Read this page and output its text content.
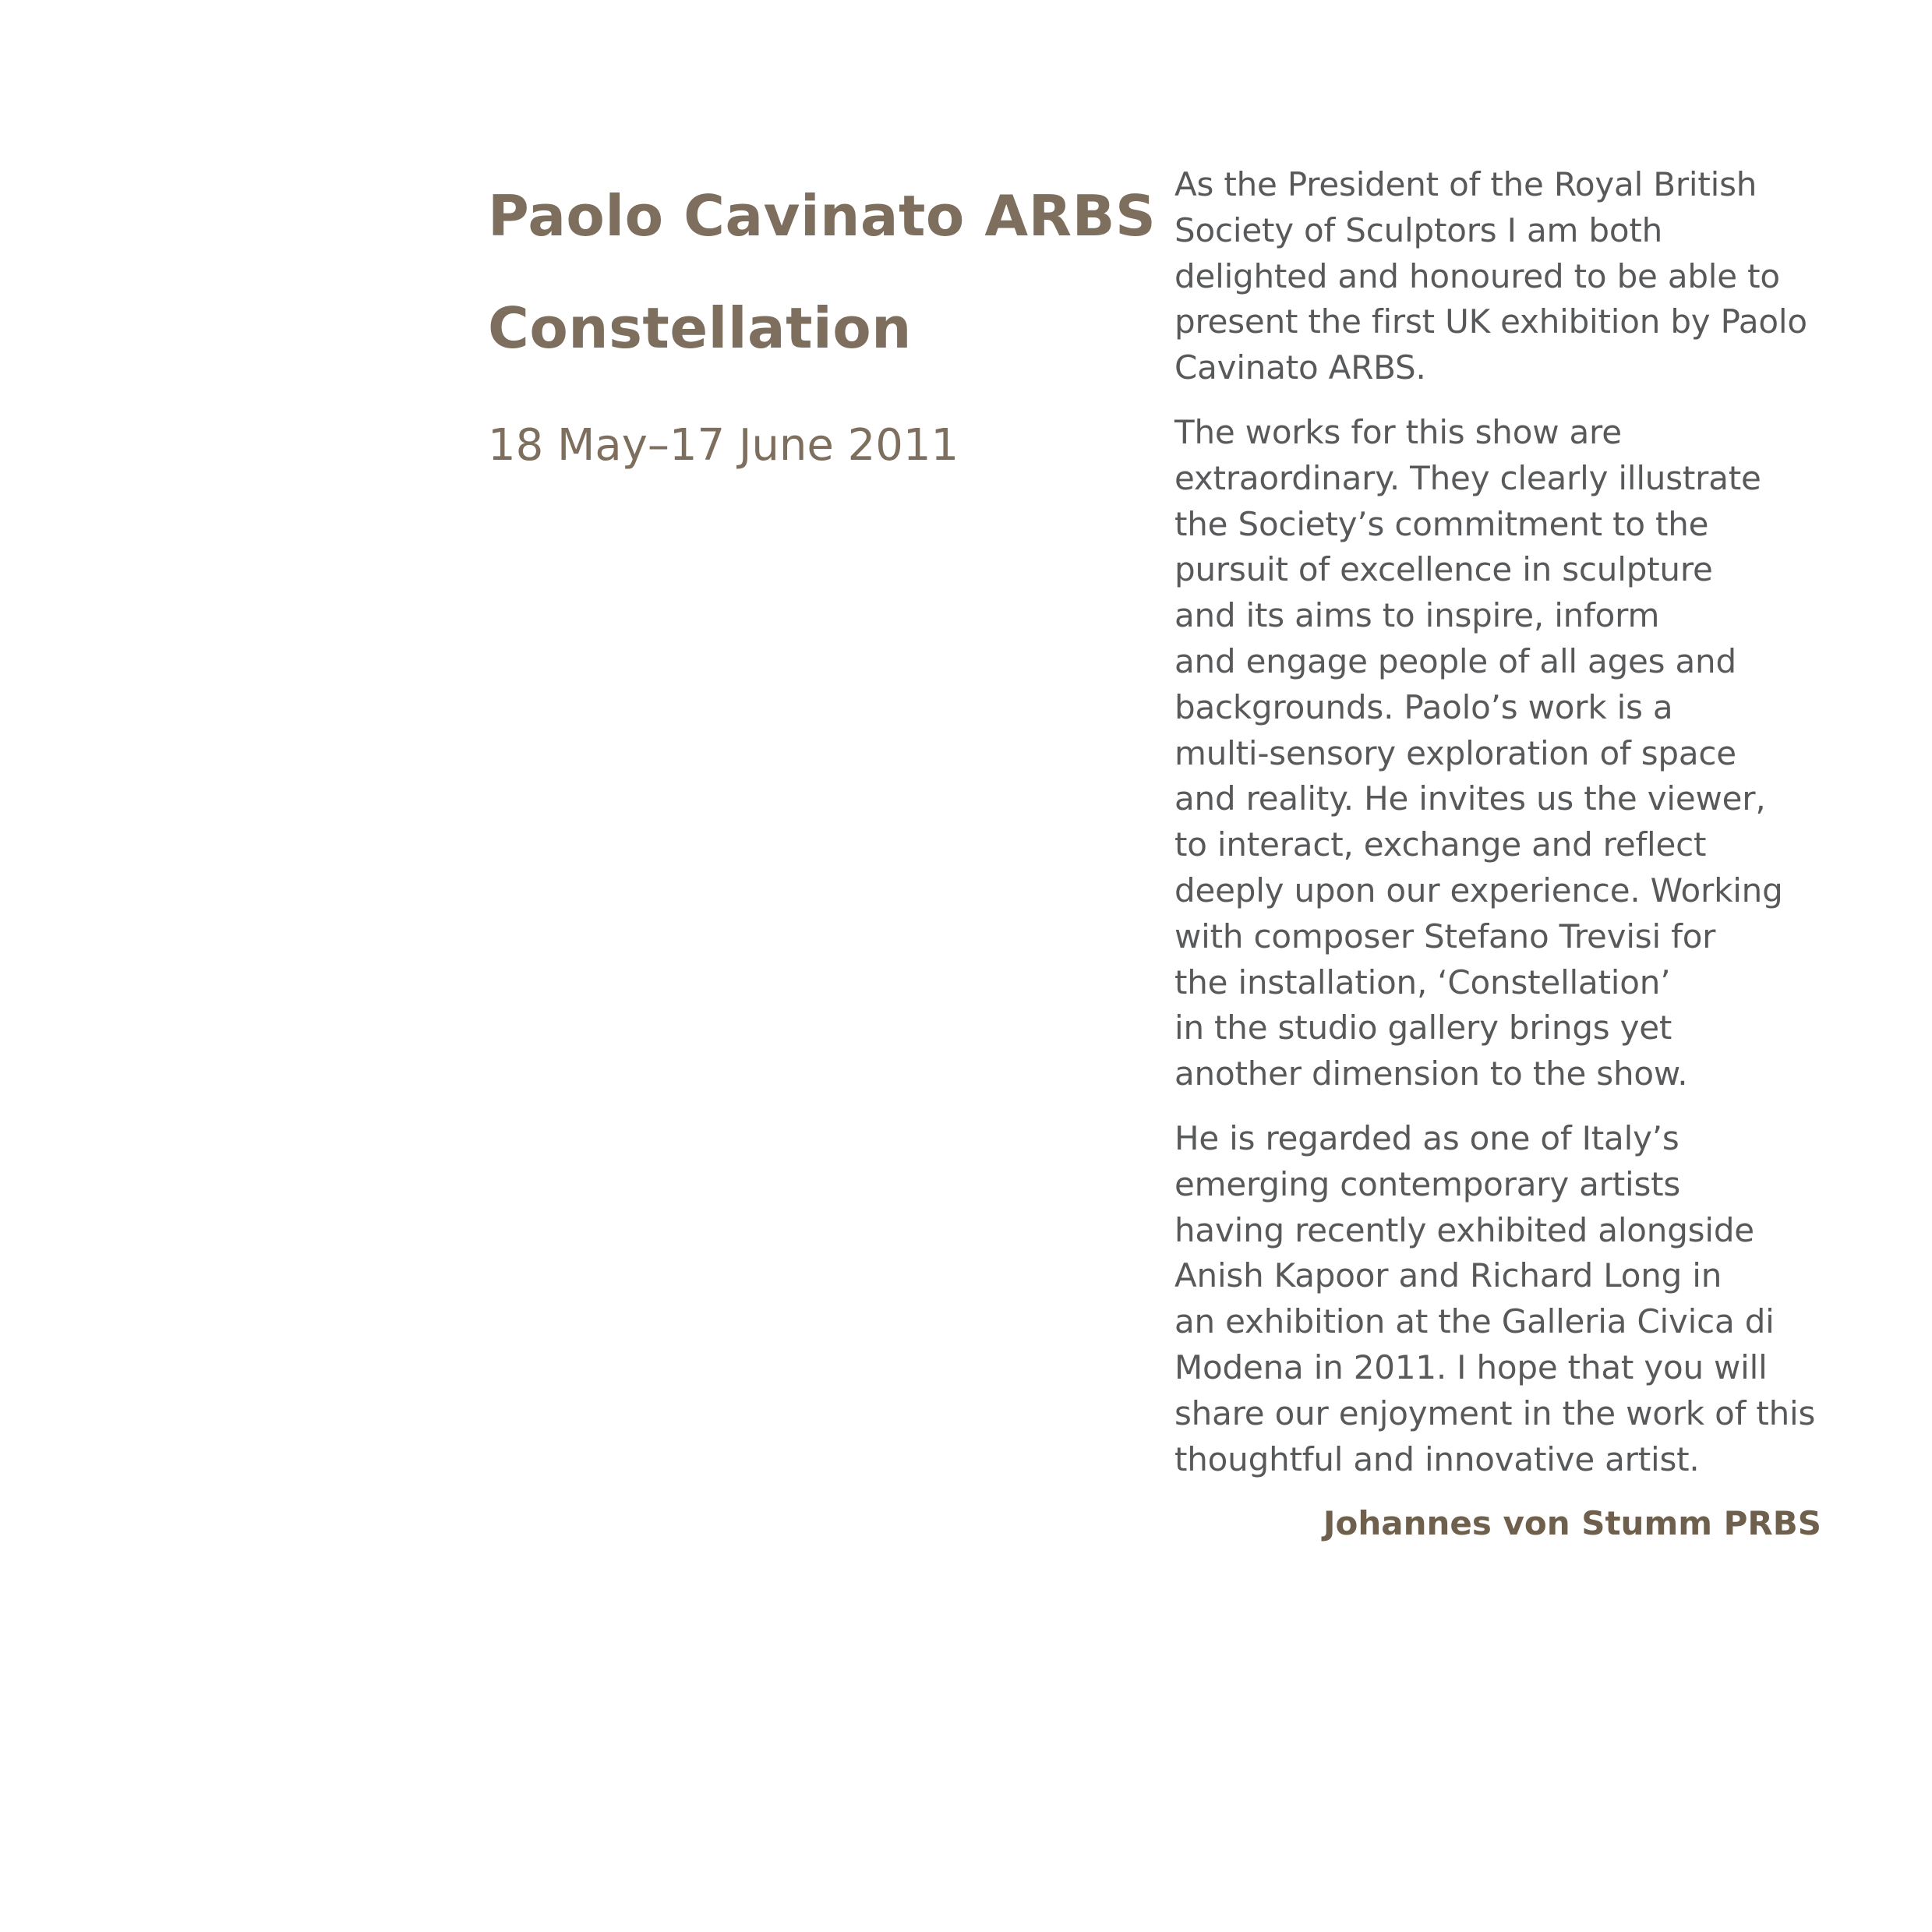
Paolo Cavinato ARBS
Constellation
18 May–17 June 2011

As the President of the Royal British
Society of Sculptors I am both
delighted and honoured to be able to
present the first UK exhibition by Paolo
Cavinato ARBS.

The works for this show are
extraordinary. They clearly illustrate
the Society’s commitment to the
pursuit of excellence in sculpture
and its aims to inspire, inform
and engage people of all ages and
backgrounds. Paolo’s work is a
multi-sensory exploration of space
and reality. He invites us the viewer,
to interact, exchange and reflect
deeply upon our experience. Working
with composer Stefano Trevisi for
the installation, ‘Constellation’
in the studio gallery brings yet
another dimension to the show.

He is regarded as one of Italy’s
emerging contemporary artists
having recently exhibited alongside
Anish Kapoor and Richard Long in
an exhibition at the Galleria Civica di
Modena in 2011. I hope that you will
share our enjoyment in the work of this
thoughtful and innovative artist.

Johannes von Stumm PRBS
